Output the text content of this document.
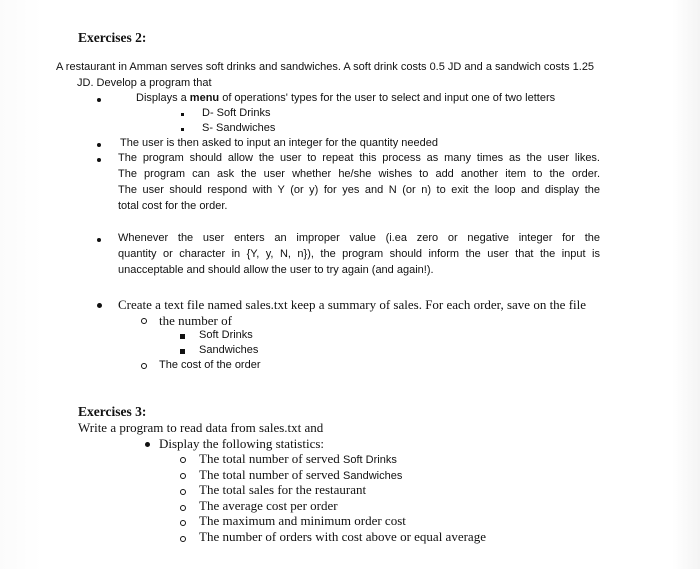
Exercises 2:
A restaurant in Amman serves soft drinks and sandwiches. A soft drink costs 0.5 JD and a sandwich costs 1.25
JD. Develop a program that
Displays a menu of operations' types for the user to select and input one of two letters
D- Soft Drinks
S- Sandwiches
The user is then asked to input an integer for the quantity needed
The program should allow the user to repeat this process as many times as the user likes.
The program can ask the user whether he/she wishes to add another item to the order.
The user should respond with Y (or y) for yes and N (or n) to exit the loop and display the
total cost for the order.
Whenever the user enters an improper value (i.ea zero or negative integer for the
quantity or character in {Y, y, N, n}), the program should inform the user that the input is
unacceptable and should allow the user to try again (and again!).
Create a text file named sales.txt keep a summary of sales. For each order, save on the file
the number of
Soft Drinks
Sandwiches
The cost of the order
Exercises 3:
Write a program to read data from sales.txt and
Display the following statistics:
The total number of served Soft Drinks
The total number of served Sandwiches
The total sales for the restaurant
The average cost per order
The maximum and minimum order cost
The number of orders with cost above or equal average
